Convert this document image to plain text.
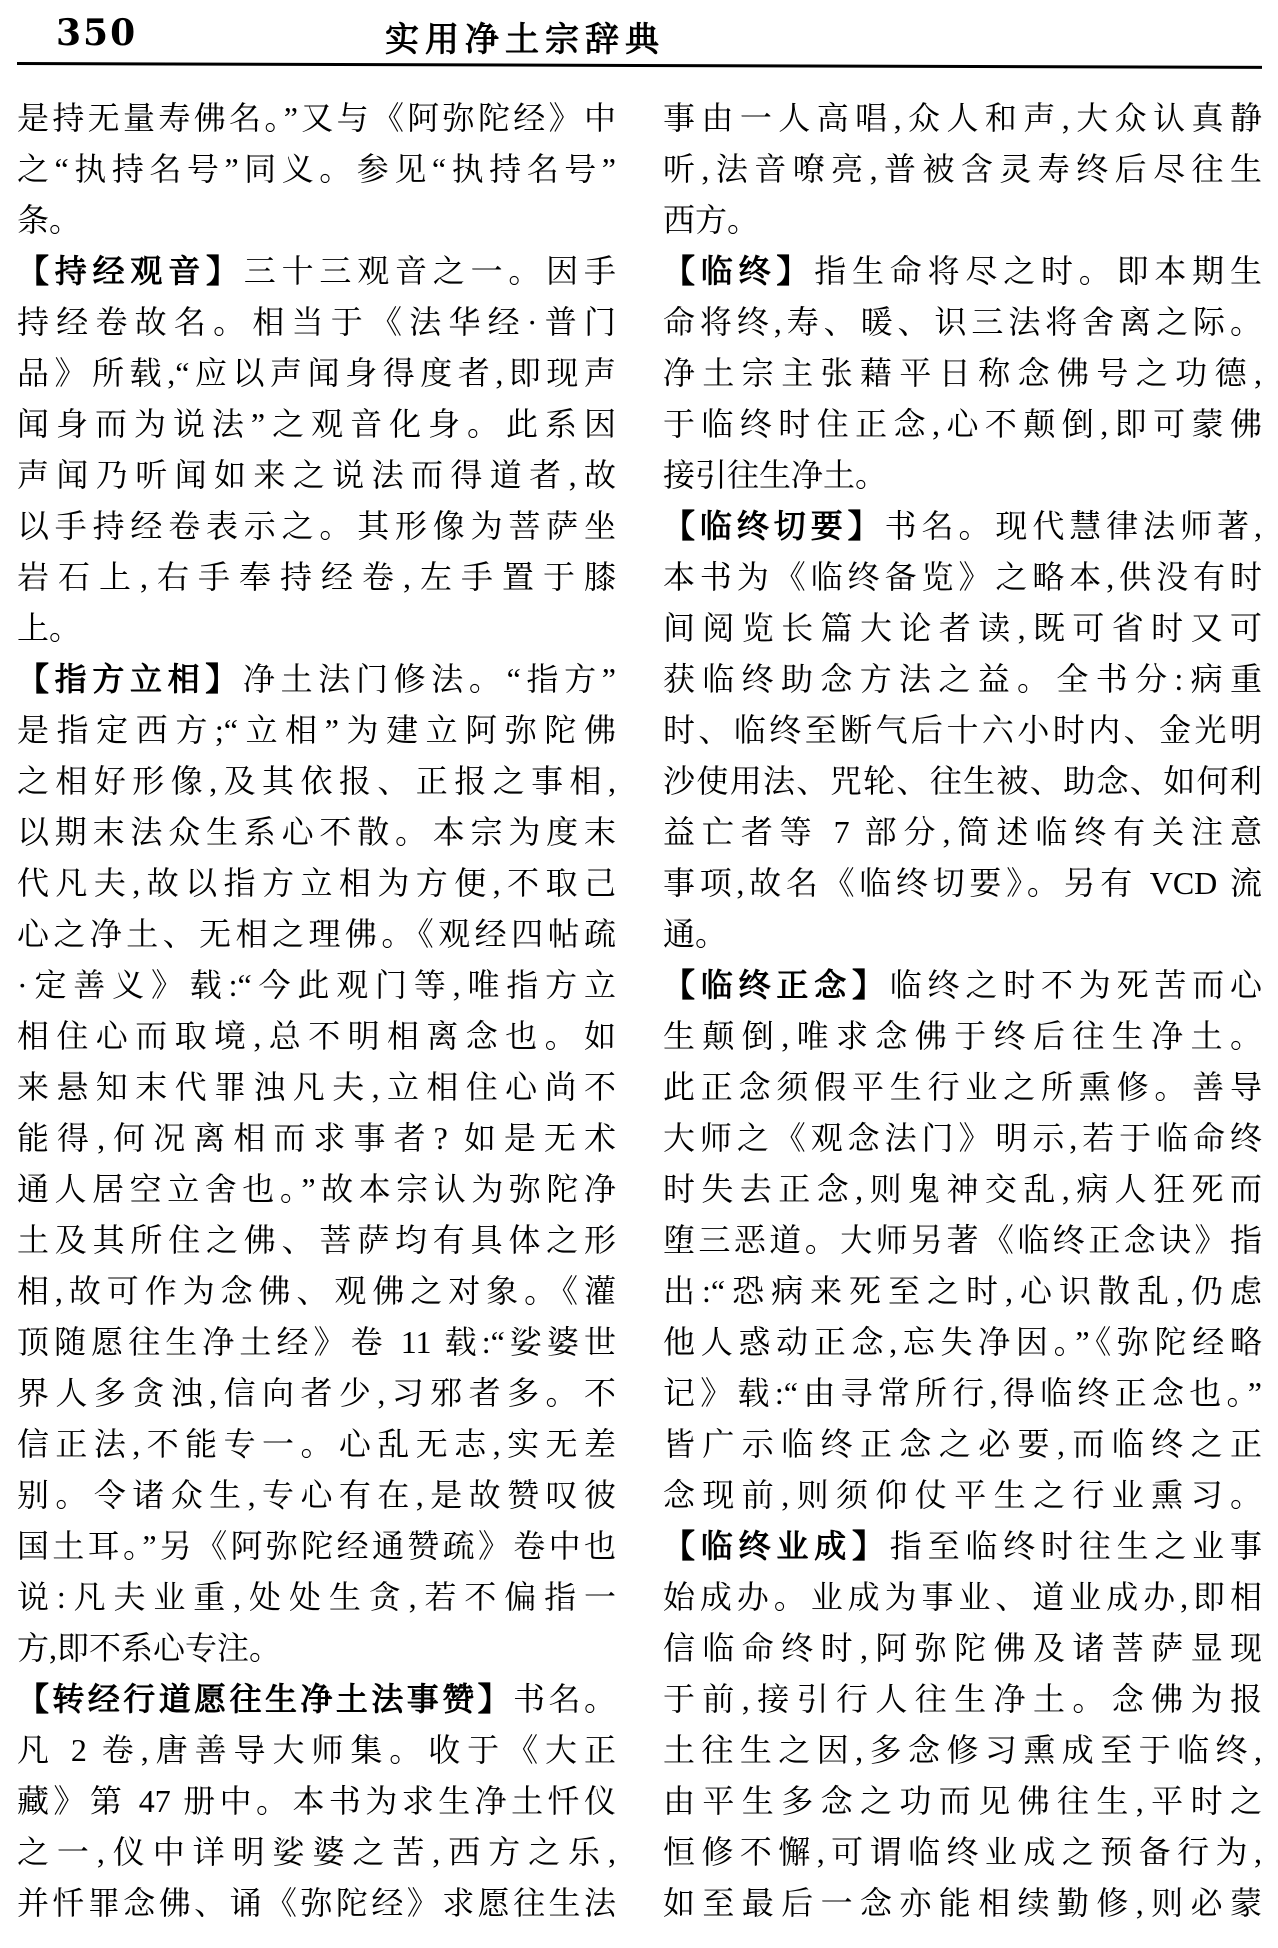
350	实用净土宗辞典
是持无量寿佛名。”又与《阿弥陀经》中
之“执持名号”同义。参见“执持名号”
条。
【持经观音】三十三观音之一。因手
持经卷故名。相当于《法华经·普门
品》所载,“应以声闻身得度者,即现声
闻身而为说法”之观音化身。此系因
声闻乃听闻如来之说法而得道者,故
以手持经卷表示之。其形像为菩萨坐
岩石上,右手奉持经卷,左手置于膝
上。
【指方立相】净土法门修法。“指方”
是指定西方;“立相”为建立阿弥陀佛
之相好形像,及其依报、正报之事相,
以期末法众生系心不散。本宗为度末
代凡夫,故以指方立相为方便,不取己
心之净土、无相之理佛。《观经四帖疏
·定善义》载:“今此观门等,唯指方立
相住心而取境,总不明相离念也。如
来悬知末代罪浊凡夫,立相住心尚不
能得,何况离相而求事者? 如是无术
通人居空立舍也。”故本宗认为弥陀净
土及其所住之佛、菩萨均有具体之形
相,故可作为念佛、观佛之对象。《灌
顶随愿往生净土经》卷 11 载:“娑婆世
界人多贪浊,信向者少,习邪者多。不
信正法,不能专一。心乱无志,实无差
别。令诸众生,专心有在,是故赞叹彼
国土耳。”另《阿弥陀经通赞疏》卷中也
说:凡夫业重,处处生贪,若不偏指一
方,即不系心专注。
【转经行道愿往生净土法事赞】书名。
凡 2 卷,唐善导大师集。收于《大正
藏》第 47 册中。本书为求生净土忏仪
之一,仪中详明娑婆之苦,西方之乐,
并忏罪念佛、诵《弥陀经》求愿往生法
事由一人高唱,众人和声,大众认真静
听,法音嘹亮,普被含灵寿终后尽往生
西方。
【临终】指生命将尽之时。即本期生
命将终,寿、暖、识三法将舍离之际。
净土宗主张藉平日称念佛号之功德,
于临终时住正念,心不颠倒,即可蒙佛
接引往生净土。
【临终切要】书名。现代慧律法师著,
本书为《临终备览》之略本,供没有时
间阅览长篇大论者读,既可省时又可
获临终助念方法之益。全书分:病重
时、临终至断气后十六小时内、金光明
沙使用法、咒轮、往生被、助念、如何利
益亡者等 7 部分,简述临终有关注意
事项,故名《临终切要》。另有 VCD 流
通。
【临终正念】临终之时不为死苦而心
生颠倒,唯求念佛于终后往生净土。
此正念须假平生行业之所熏修。善导
大师之《观念法门》明示,若于临命终
时失去正念,则鬼神交乱,病人狂死而
堕三恶道。大师另著《临终正念诀》指
出:“恐病来死至之时,心识散乱,仍虑
他人惑动正念,忘失净因。”《弥陀经略
记》载:“由寻常所行,得临终正念也。”
皆广示临终正念之必要,而临终之正
念现前,则须仰仗平生之行业熏习。
【临终业成】指至临终时往生之业事
始成办。业成为事业、道业成办,即相
信临命终时,阿弥陀佛及诸菩萨显现
于前,接引行人往生净土。念佛为报
土往生之因,多念修习熏成至于临终,
由平生多念之功而见佛往生,平时之
恒修不懈,可谓临终业成之预备行为,
如至最后一念亦能相续勤修,则必蒙
